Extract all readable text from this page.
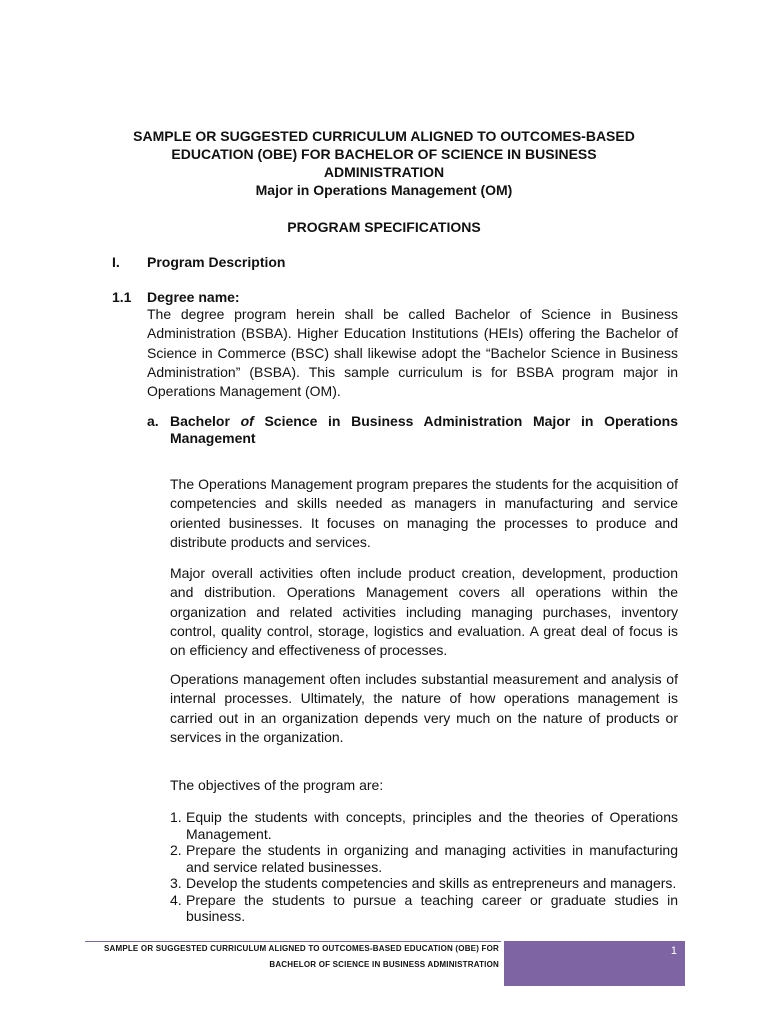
SAMPLE OR SUGGESTED CURRICULUM ALIGNED TO OUTCOMES-BASED
EDUCATION (OBE) FOR BACHELOR OF SCIENCE IN BUSINESS
ADMINISTRATION
Major in Operations Management (OM)
PROGRAM SPECIFICATIONS
I. Program Description
1.1 Degree name:
The degree program herein shall be called Bachelor of Science in Business Administration (BSBA). Higher Education Institutions (HEIs) offering the Bachelor of Science in Commerce (BSC) shall likewise adopt the “Bachelor Science in Business Administration” (BSBA). This sample curriculum is for BSBA program major in Operations Management (OM).
a. Bachelor of Science in Business Administration Major in Operations Management
The Operations Management program prepares the students for the acquisition of competencies and skills needed as managers in manufacturing and service oriented businesses. It focuses on managing the processes to produce and distribute products and services.
Major overall activities often include product creation, development, production and distribution. Operations Management covers all operations within the organization and related activities including managing purchases, inventory control, quality control, storage, logistics and evaluation. A great deal of focus is on efficiency and effectiveness of processes.
Operations management often includes substantial measurement and analysis of internal processes. Ultimately, the nature of how operations management is carried out in an organization depends very much on the nature of products or services in the organization.
The objectives of the program are:
1. Equip the students with concepts, principles and the theories of Operations Management.
2. Prepare the students in organizing and managing activities in manufacturing and service related businesses.
3. Develop the students competencies and skills as entrepreneurs and managers.
4. Prepare the students to pursue a teaching career or graduate studies in business.
SAMPLE OR SUGGESTED CURRICULUM ALIGNED TO OUTCOMES-BASED EDUCATION (OBE) FOR
BACHELOR OF SCIENCE IN BUSINESS ADMINISTRATION
1
